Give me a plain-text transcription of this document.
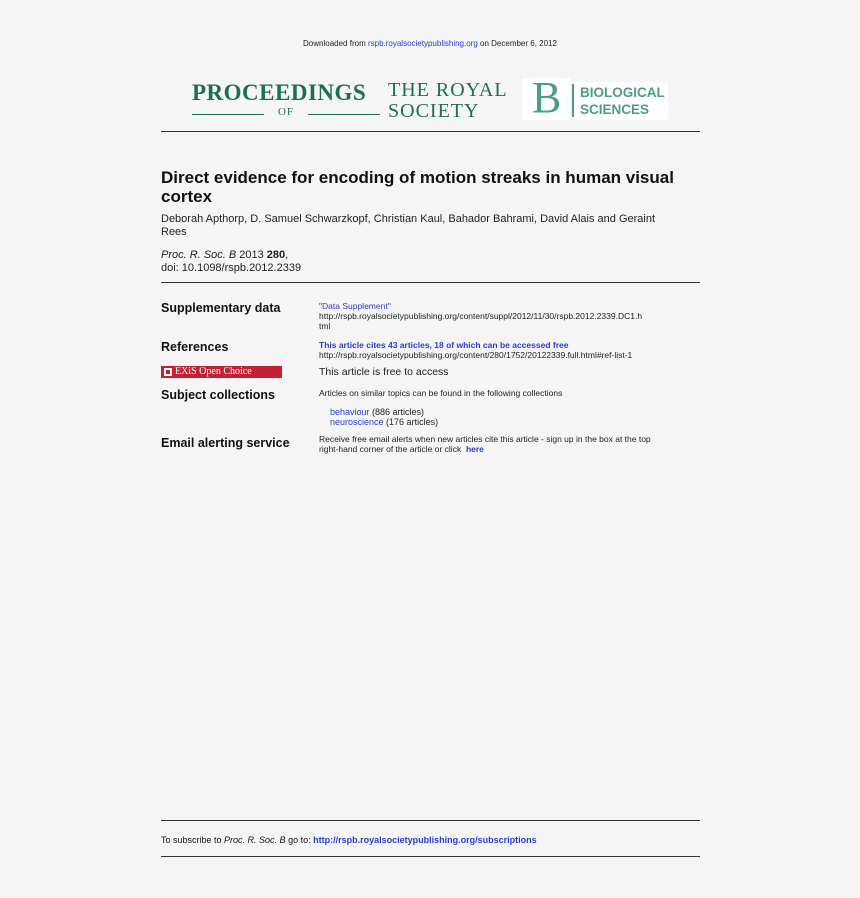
Downloaded from rspb.royalsocietypublishing.org on December 6, 2012
PROCEEDINGS
OF
THE ROYAL
SOCIETY	B BIOLOGICAL
SCIENCES
Direct evidence for encoding of motion streaks in human visual cortex
Deborah Apthorp, D. Samuel Schwarzkopf, Christian Kaul, Bahador Bahrami, David Alais and Geraint Rees
Proc. R. Soc. B 2013 280,
doi: 10.1098/rspb.2012.2339
Supplementary data	"Data Supplement"
http://rspb.royalsocietypublishing.org/content/suppl/2012/11/30/rspb.2012.2339.DC1.h
tml
References	This article cites 43 articles, 18 of which can be accessed free
http://rspb.royalsocietypublishing.org/content/280/1752/20122339.full.html#ref-list-1
EXiS Open Choice	This article is free to access
Subject collections	Articles on similar topics can be found in the following collections
behaviour (886 articles)
neuroscience (176 articles)
Email alerting service	Receive free email alerts when new articles cite this article - sign up in the box at the top
right-hand corner of the article or click here
To subscribe to Proc. R. Soc. B go to: http://rspb.royalsocietypublishing.org/subscriptions
